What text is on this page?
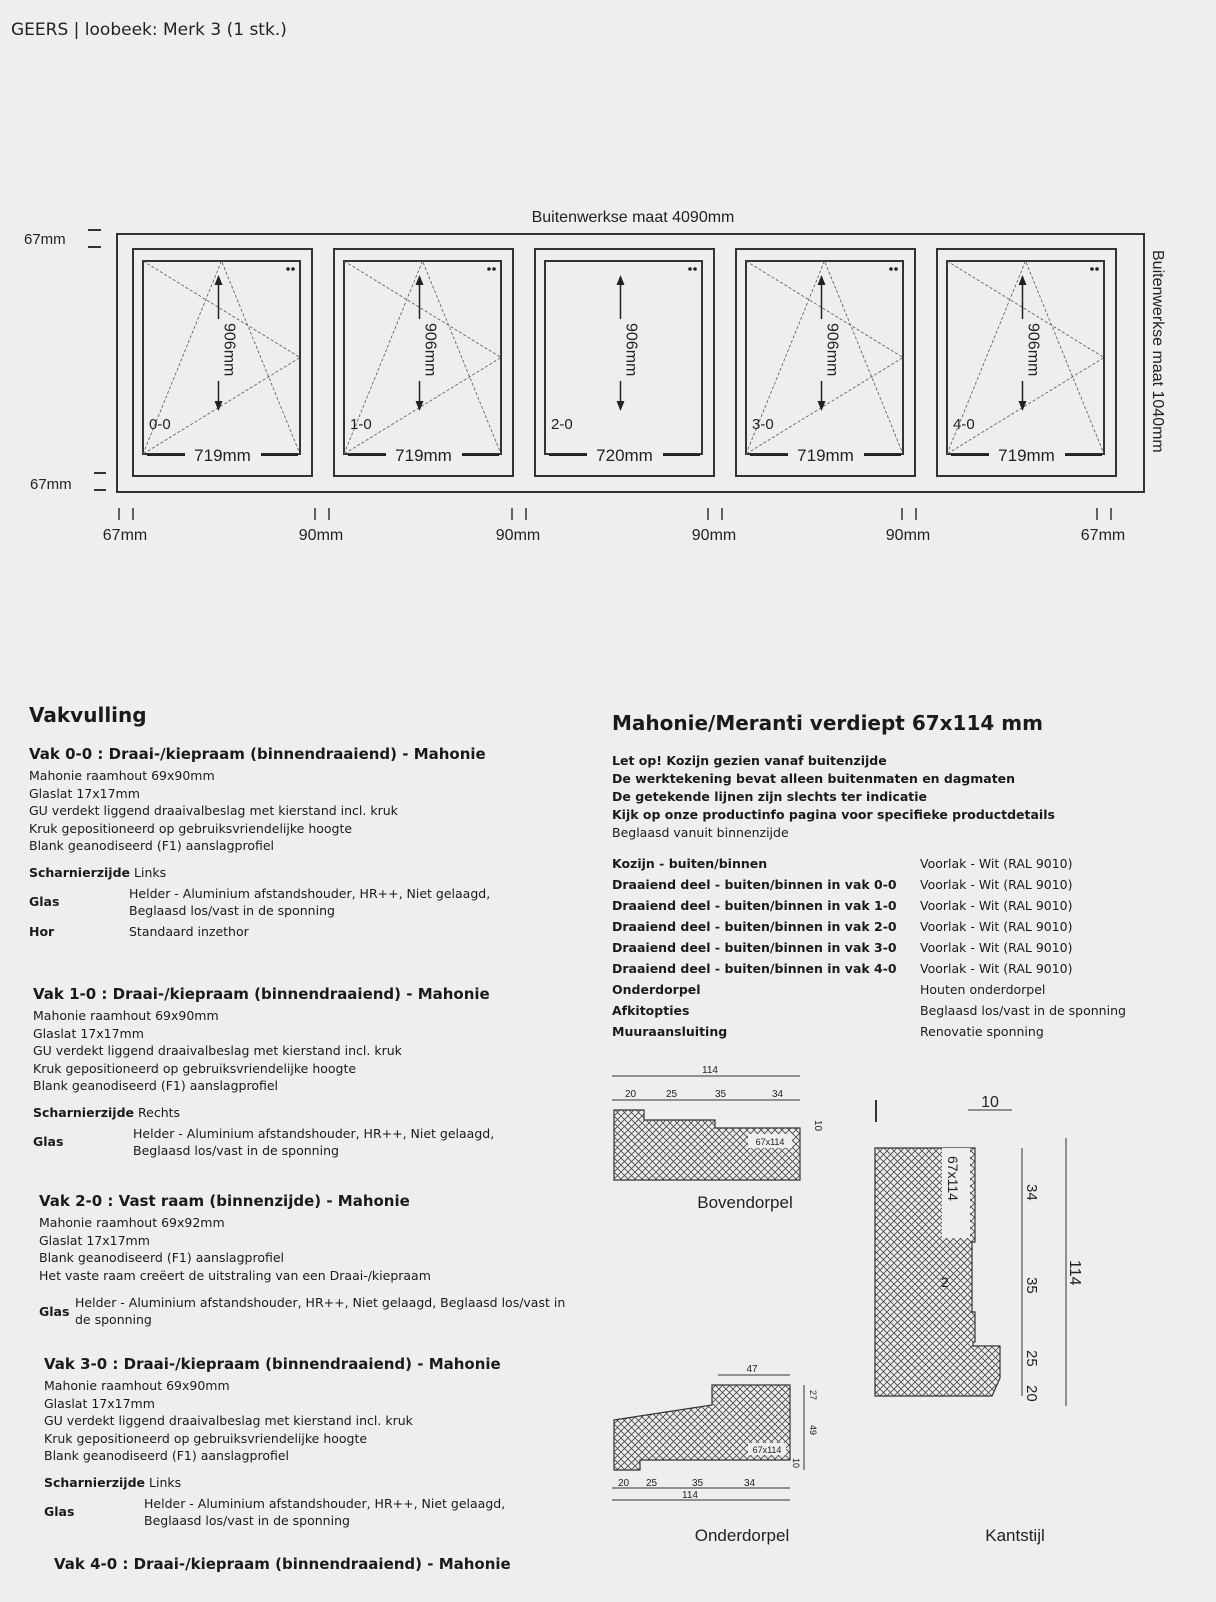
GEERS | loobeek: Merk 3 (1 stk.)
Buitenwerkse maat 4090mm
67mm
67mm
Buitenwerkse maat 1040mm
906mm
0-0
719mm
906mm
1-0
719mm
906mm
2-0
720mm
906mm
3-0
719mm
906mm
4-0
719mm
67mm	90mm	90mm	90mm	90mm	67mm
Vakvulling
Vak 0-0 : Draai-/kiepraam (binnendraaiend) - Mahonie
Mahonie raamhout 69x90mm
Glaslat 17x17mm
GU verdekt liggend draaivalbeslag met kierstand incl. kruk
Kruk gepositioneerd op gebruiksvriendelijke hoogte
Blank geanodiseerd (F1) aanslagprofiel
Scharnierzijde Links
Glas
Helder - Aluminium afstandshouder, HR++, Niet gelaagd, Beglaasd los/vast in de sponning
Hor	Standaard inzethor
Vak 1-0 : Draai-/kiepraam (binnendraaiend) - Mahonie
Mahonie raamhout 69x90mm
Glaslat 17x17mm
GU verdekt liggend draaivalbeslag met kierstand incl. kruk
Kruk gepositioneerd op gebruiksvriendelijke hoogte
Blank geanodiseerd (F1) aanslagprofiel
Scharnierzijde Rechts
Glas
Helder - Aluminium afstandshouder, HR++, Niet gelaagd, Beglaasd los/vast in de sponning
Vak 2-0 : Vast raam (binnenzijde) - Mahonie
Mahonie raamhout 69x92mm
Glaslat 17x17mm
Blank geanodiseerd (F1) aanslagprofiel
Het vaste raam creëert de uitstraling van een Draai-/kiepraam
Glas
Helder - Aluminium afstandshouder, HR++, Niet gelaagd, Beglaasd los/vast in de sponning
Vak 3-0 : Draai-/kiepraam (binnendraaiend) - Mahonie
Mahonie raamhout 69x90mm
Glaslat 17x17mm
GU verdekt liggend draaivalbeslag met kierstand incl. kruk
Kruk gepositioneerd op gebruiksvriendelijke hoogte
Blank geanodiseerd (F1) aanslagprofiel
Scharnierzijde Links
Glas
Helder - Aluminium afstandshouder, HR++, Niet gelaagd, Beglaasd los/vast in de sponning
Vak 4-0 : Draai-/kiepraam (binnendraaiend) - Mahonie
Mahonie/Meranti verdiept 67x114 mm
Let op! Kozijn gezien vanaf buitenzijde
De werktekening bevat alleen buitenmaten en dagmaten
De getekende lijnen zijn slechts ter indicatie
Kijk op onze productinfo pagina voor specifieke productdetails
Beglaasd vanuit binnenzijde
Kozijn - buiten/binnen	Voorlak - Wit (RAL 9010)
Draaiend deel - buiten/binnen in vak 0-0	Voorlak - Wit (RAL 9010)
Draaiend deel - buiten/binnen in vak 1-0	Voorlak - Wit (RAL 9010)
Draaiend deel - buiten/binnen in vak 2-0	Voorlak - Wit (RAL 9010)
Draaiend deel - buiten/binnen in vak 3-0	Voorlak - Wit (RAL 9010)
Draaiend deel - buiten/binnen in vak 4-0	Voorlak - Wit (RAL 9010)
Onderdorpel	Houten onderdorpel
Afkitopties	Beglaasd los/vast in de sponning
Muuraansluiting	Renovatie sponning
114
20	25	35	34
10
67x114
Bovendorpel
47
67x114
27
49
10
20 25	35	34
114
Onderdorpel
10
67x114
2	114
34
35
25
20
Kantstijl
